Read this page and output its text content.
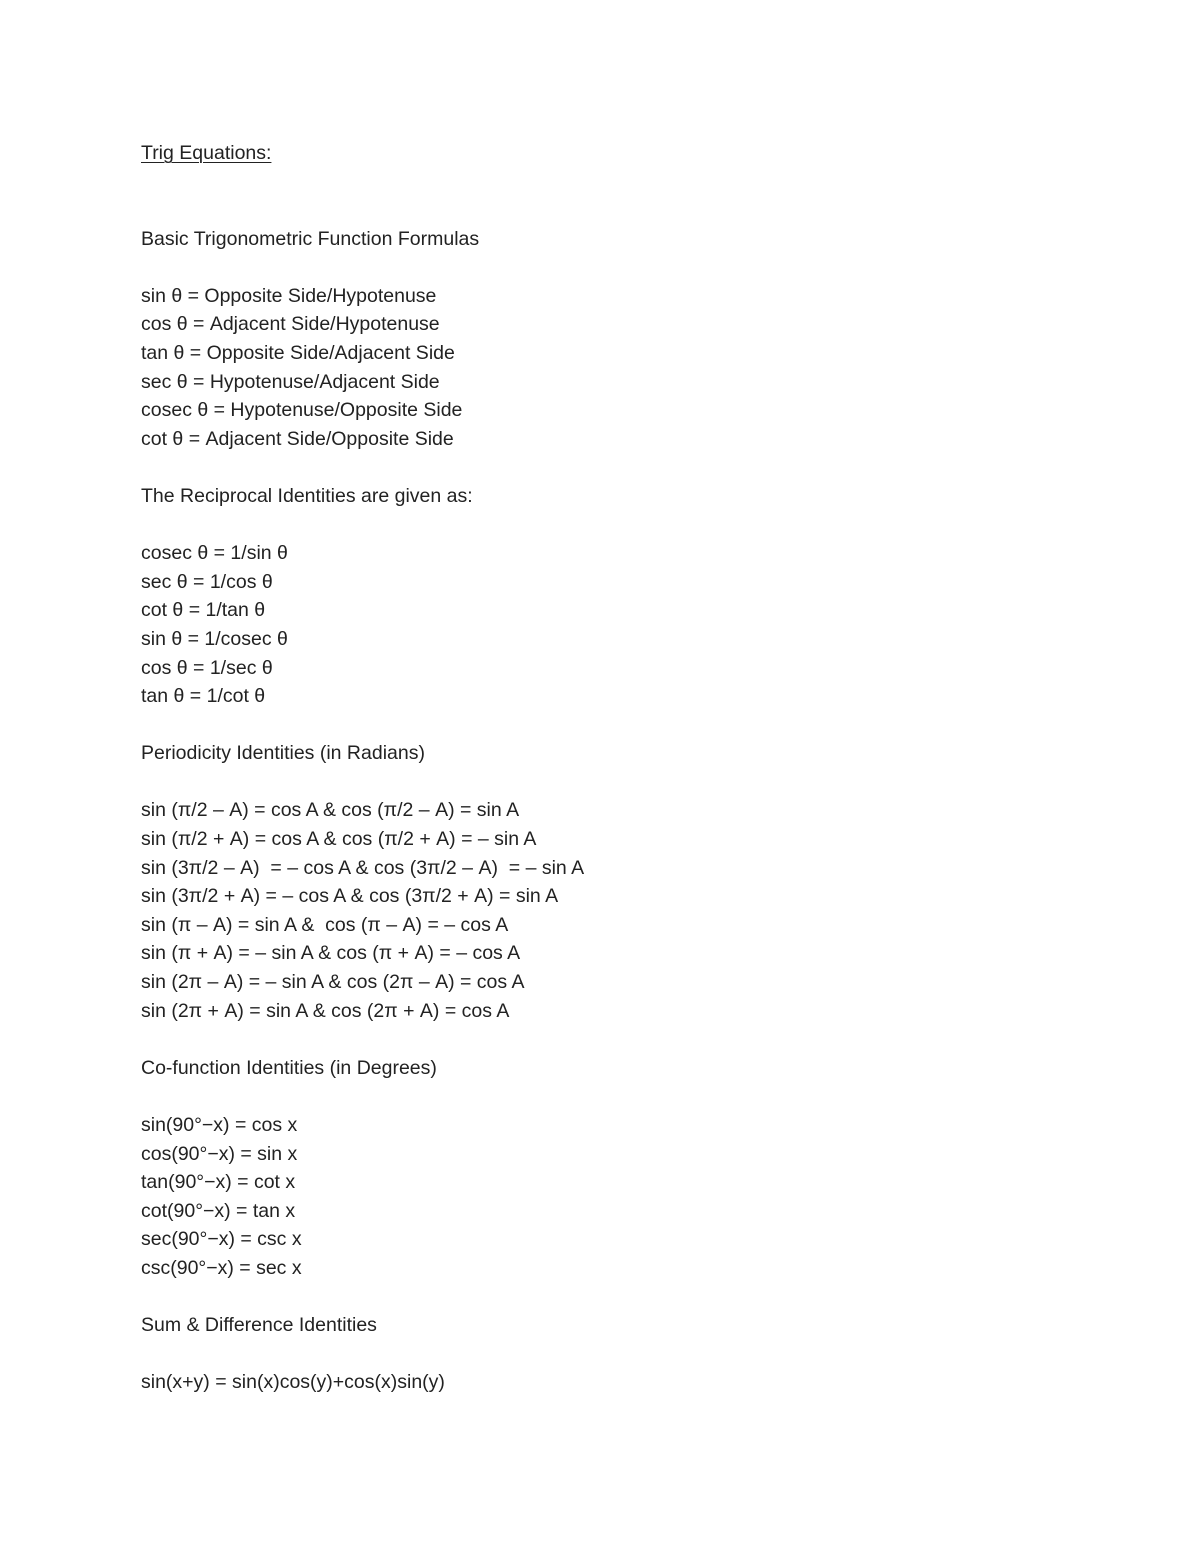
Trig Equations:
Basic Trigonometric Function Formulas

sin θ = Opposite Side/Hypotenuse

cos θ = Adjacent Side/Hypotenuse

tan θ = Opposite Side/Adjacent Side

sec θ = Hypotenuse/Adjacent Side

cosec θ = Hypotenuse/Opposite Side

cot θ = Adjacent Side/Opposite Side

The Reciprocal Identities are given as:

cosec θ = 1/sin θ

sec θ = 1/cos θ

cot θ = 1/tan θ

sin θ = 1/cosec θ

cos θ = 1/sec θ

tan θ = 1/cot θ

Periodicity Identities (in Radians)

sin (π/2 – A) = cos A & cos (π/2 – A) = sin A

sin (π/2 + A) = cos A & cos (π/2 + A) = – sin A

sin (3π/2 – A)  = – cos A & cos (3π/2 – A)  = – sin A

sin (3π/2 + A) = – cos A & cos (3π/2 + A) = sin A

sin (π – A) = sin A &  cos (π – A) = – cos A

sin (π + A) = – sin A & cos (π + A) = – cos A

sin (2π – A) = – sin A & cos (2π – A) = cos A

sin (2π + A) = sin A & cos (2π + A) = cos A

Co-function Identities (in Degrees)

sin(90°−x) = cos x

cos(90°−x) = sin x

tan(90°−x) = cot x

cot(90°−x) = tan x

sec(90°−x) = csc x

csc(90°−x) = sec x

Sum & Difference Identities

sin(x+y) = sin(x)cos(y)+cos(x)sin(y)
